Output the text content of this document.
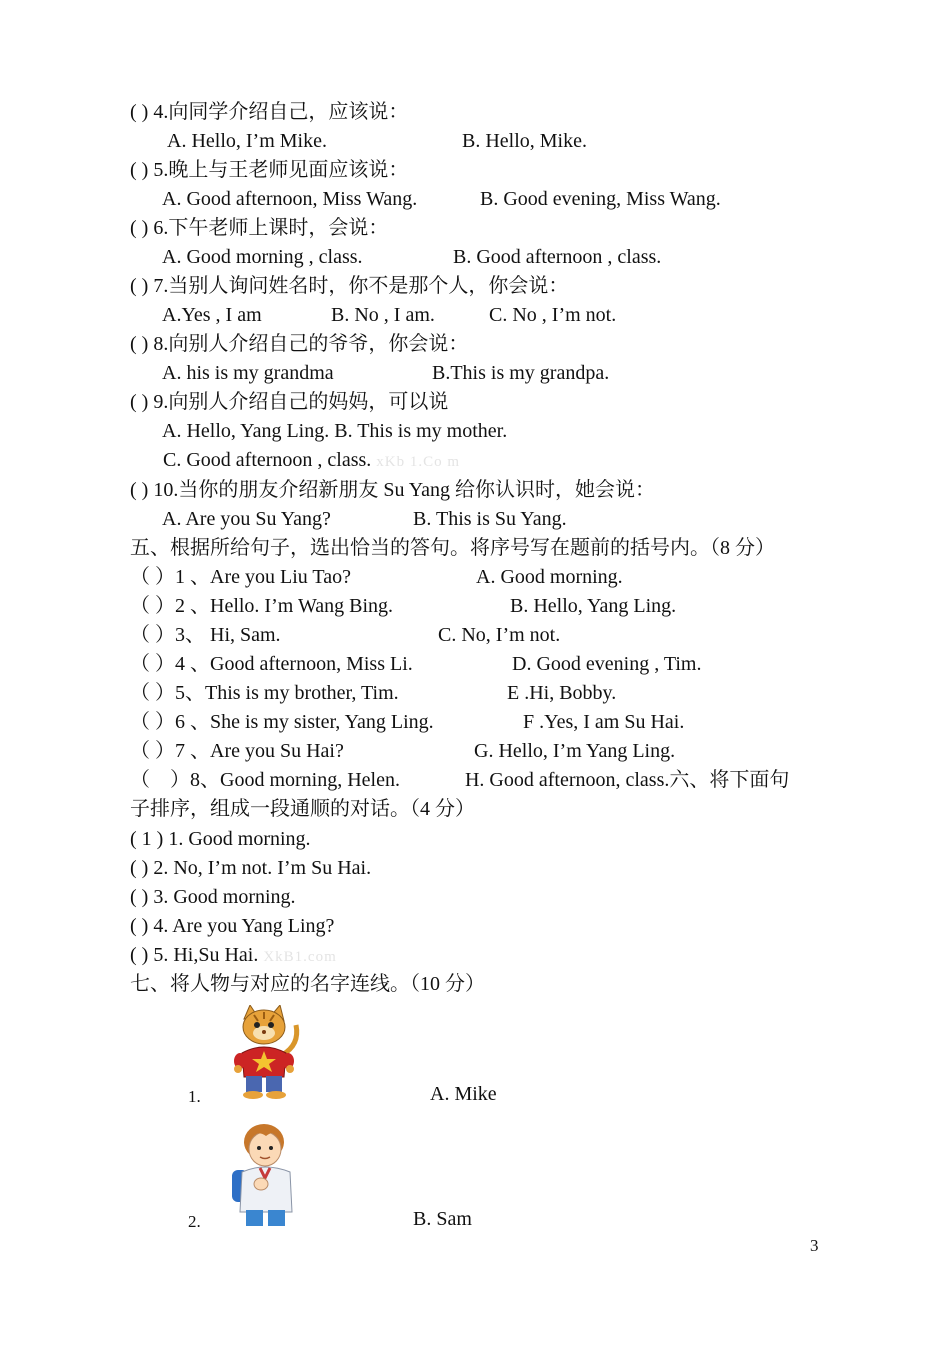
( ) 4.向同学介绍自己，应该说：
A. Hello, I’m Mike.	B. Hello, Mike.
( ) 5.晚上与王老师见面应该说：
A. Good afternoon, Miss Wang.	B. Good evening, Miss Wang.
( ) 6.下午老师上课时，会说：
A. Good morning , class.	B. Good afternoon , class.
( ) 7.当别人询问姓名时，你不是那个人，你会说：
A.Yes , I am	B. No , I am.	C. No , I’m not.
( ) 8.向别人介绍自己的爷爷，你会说：
A. his is my grandma	B.This is my grandpa.
( ) 9.向别人介绍自己的妈妈，可以说
A. Hello, Yang Ling. B. This is my mother.
C. Good afternoon , class. xKb 1.Co m
( ) 10.当你的朋友介绍新朋友 Su Yang 给你认识时，她会说：
A. Are you Su Yang?	B. This is Su Yang.
五、根据所给句子，选出恰当的答句。将序号写在题前的括号内。（8 分）
（ ）1 、Are you Liu Tao?	A. Good morning.
（ ）2 、Hello. I’m Wang Bing.	B. Hello, Yang Ling.
（ ）3、 Hi, Sam.	C. No, I’m not.
（ ）4 、Good afternoon, Miss Li.	D. Good evening , Tim.
（ ）5、This is my brother, Tim.	E .Hi, Bobby.
（ ）6 、She is my sister, Yang Ling.	F .Yes, I am Su Hai.
（ ）7 、Are you Su Hai?	G. Hello, I’m Yang Ling.
（    ）8、Good morning, Helen.             H. Good afternoon, class.六、将下面句
子排序，组成一段通顺的对话。（4 分）
( 1 ) 1. Good morning.
( ) 2. No, I’m not. I’m Su Hai.
( ) 3. Good morning.
( ) 4. Are you Yang Ling?
( ) 5. Hi,Su Hai. XkB1.com
七、将人物与对应的名字连线。（10 分）
1.	A. Mike
2.	B. Sam
3
